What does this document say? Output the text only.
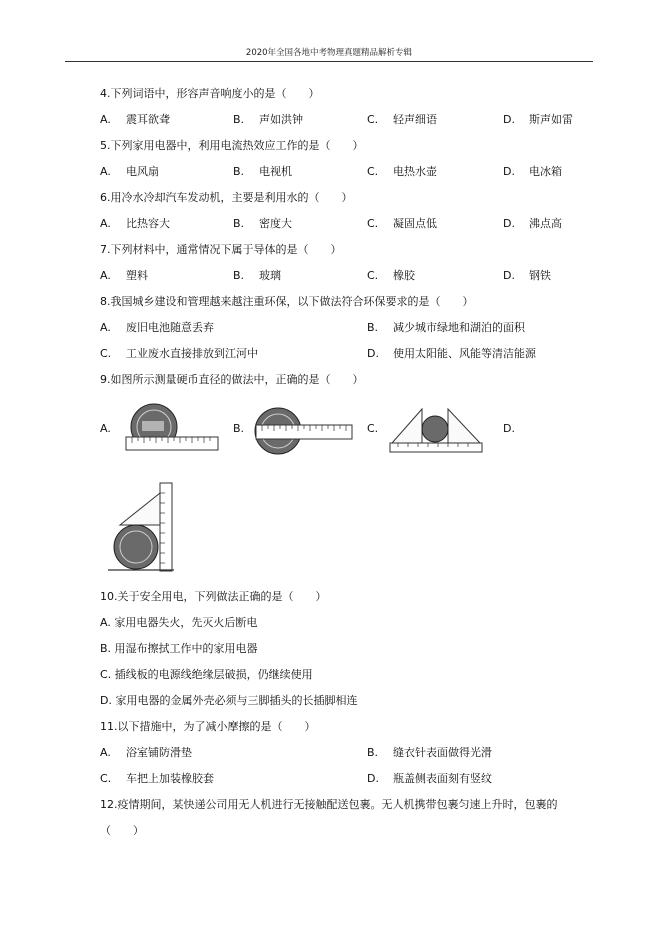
2020年全国各地中考物理真题精品解析专辑
4.下列词语中，形容声音响度小的是（　　）
A. 震耳欲聋	B. 声如洪钟	C. 轻声细语	D. 斯声如雷
5.下列家用电器中，利用电流热效应工作的是（　　）
A. 电风扇	B. 电视机	C. 电热水壶	D. 电冰箱
6.用冷水冷却汽车发动机，主要是利用水的（　　）
A. 比热容大	B. 密度大	C. 凝固点低	D. 沸点高
7.下列材料中，通常情况下属于导体的是（　　）
A. 塑料	B. 玻璃	C. 橡胶	D. 钢铁
8.我国城乡建设和管理越来越注重环保，以下做法符合环保要求的是（　　）
A. 废旧电池随意丢弃	B. 减少城市绿地和湖泊的面积
C. 工业废水直接排放到江河中	D. 使用太阳能、风能等清洁能源
9.如图所示测量硬币直径的做法中，正确的是（　　）
A.	B.	C.	D.
10.关于安全用电，下列做法正确的是（　　）
A. 家用电器失火，先灭火后断电
B. 用湿布擦拭工作中的家用电器
C. 插线板的电源线绝缘层破损，仍继续使用
D. 家用电器的金属外壳必须与三脚插头的长插脚相连
11.以下措施中，为了减小摩擦的是（　　）
A. 浴室铺防滑垫	B. 缝衣针表面做得光滑
C. 车把上加装橡胶套	D. 瓶盖侧表面刻有竖纹
12.疫情期间，某快递公司用无人机进行无接触配送包裹。无人机携带包裹匀速上升时，包裹的
（　　）
